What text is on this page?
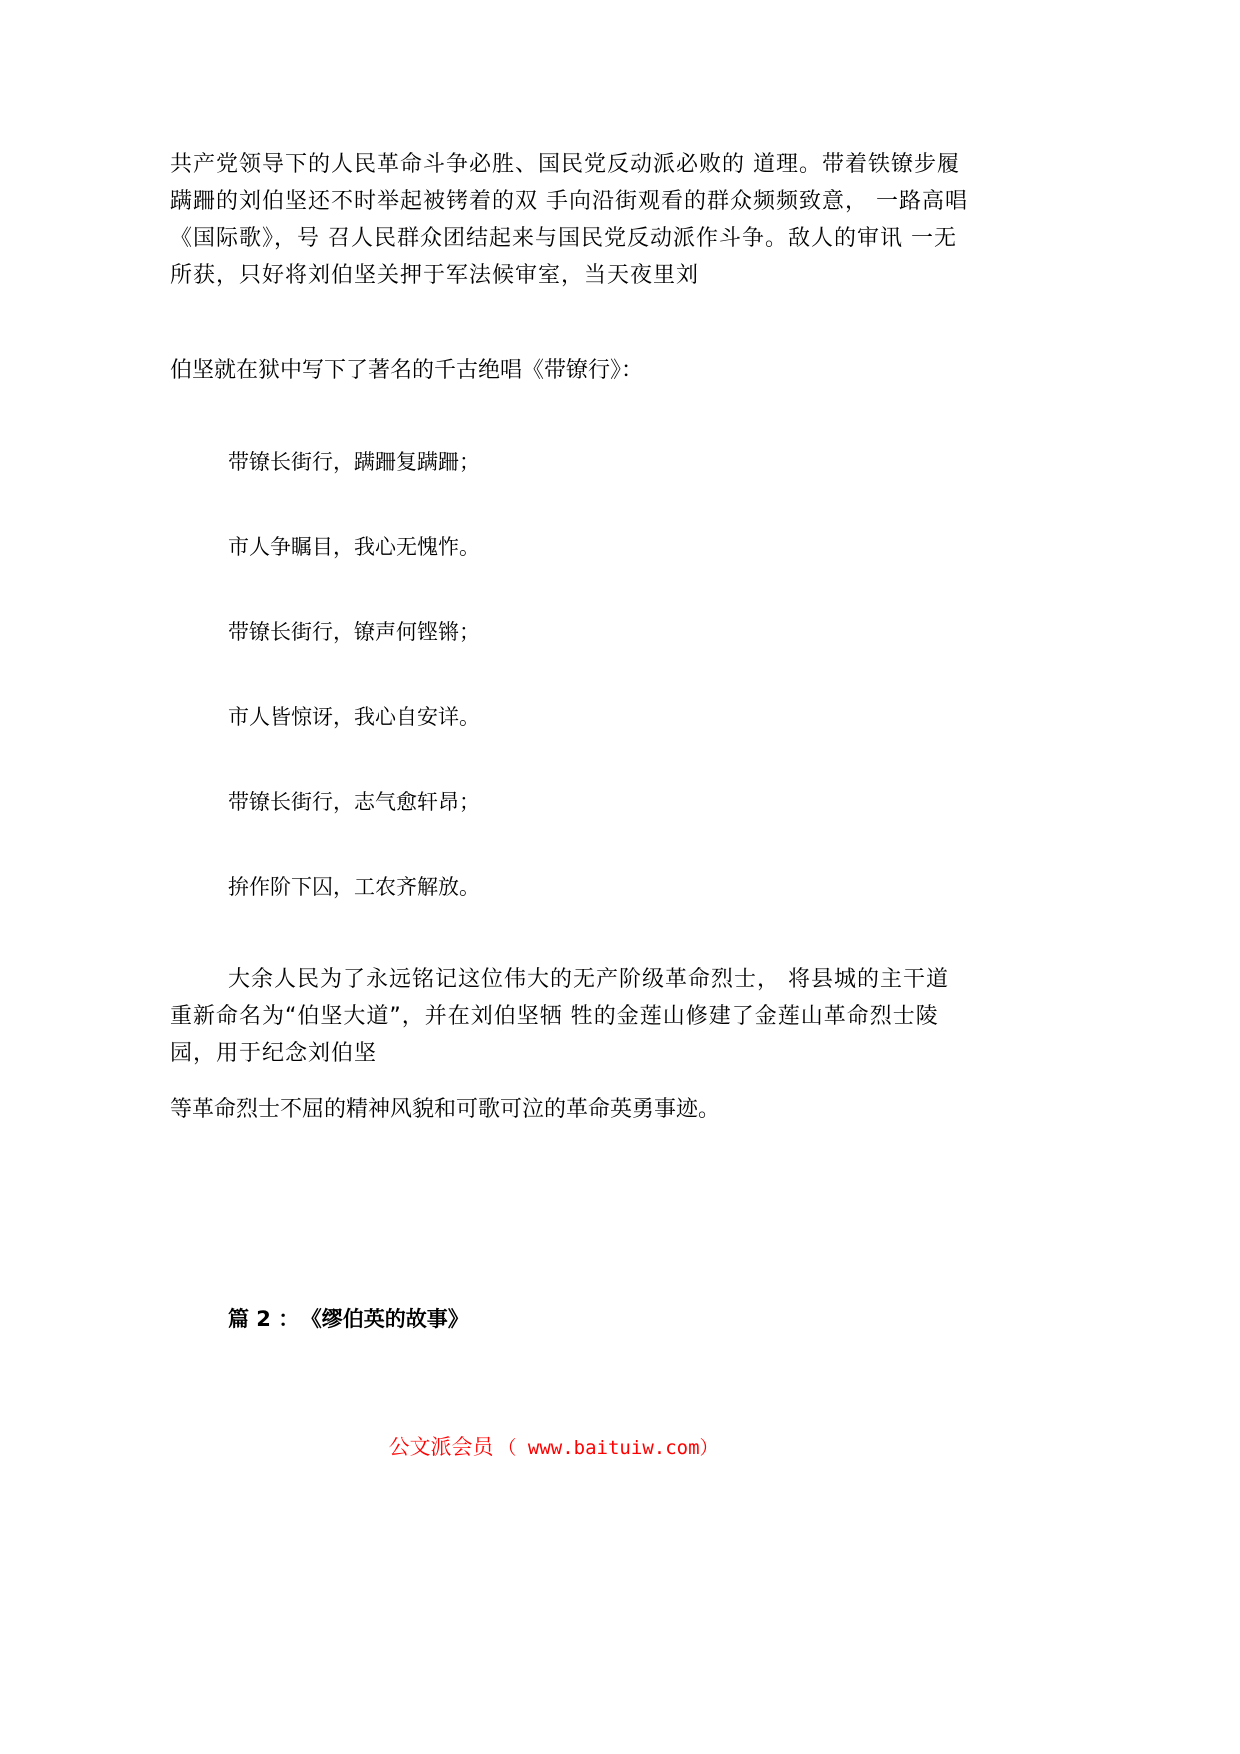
共产党领导下的人民革命斗争必胜、国民党反动派必败的 道理。带着铁镣步履蹒跚的刘伯坚还不时举起被铐着的双 手向沿街观看的群众频频致意， 一路高唱《国际歌》，号 召人民群众团结起来与国民党反动派作斗争。敌人的审讯 一无所获，只好将刘伯坚关押于军法候审室，当天夜里刘

伯坚就在狱中写下了著名的千古绝唱《带镣行》：

带镣长街行，蹒跚复蹒跚；

市人争瞩目，我心无愧怍。

带镣长街行，镣声何铿锵；

市人皆惊讶，我心自安详。

带镣长街行，志气愈轩昂；

拚作阶下囚，工农齐解放。

大余人民为了永远铭记这位伟大的无产阶级革命烈士， 将县城的主干道重新命名为“伯坚大道”，并在刘伯坚牺 牲的金莲山修建了金莲山革命烈士陵园，用于纪念刘伯坚

等革命烈士不屈的精神风貌和可歌可泣的革命英勇事迹。

篇 2 ： 《缪伯英的故事》
公文派会员 （ www.baituiw.com）
